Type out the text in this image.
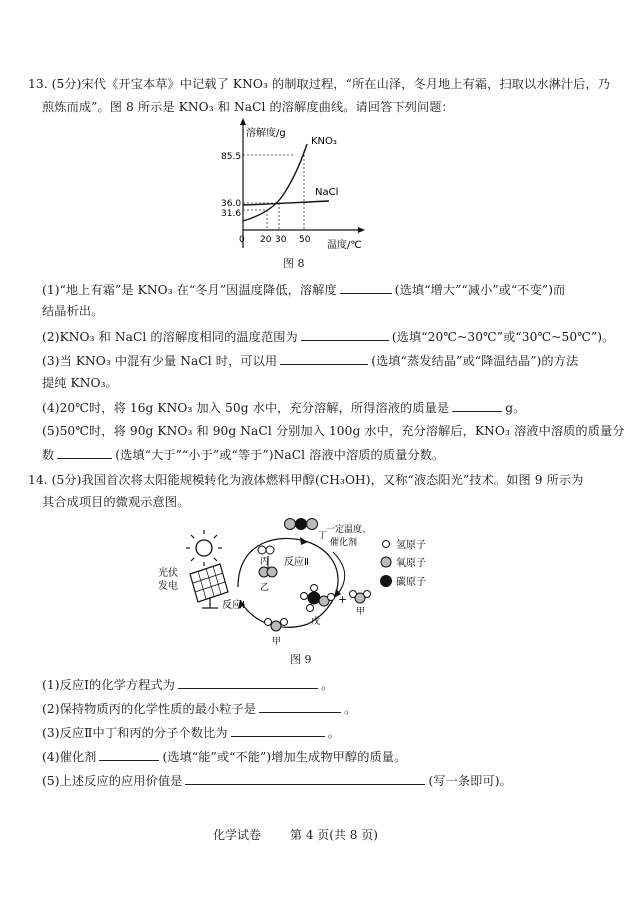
13. (5分)宋代《开宝本草》中记载了 KNO₃ 的制取过程，“所在山泽，冬月地上有霜，扫取以水淋汁后，乃
煎炼而成”。图 8 所示是 KNO₃ 和 NaCl 的溶解度曲线。请回答下列问题：
溶解度/g
温度/℃
KNO₃
NaCl
85.5
36.0
31.6
0 20 30 50
图 8
(1)“地上有霜”是 KNO₃ 在“冬月”因温度降低，溶解度	(选填“增大”“减小”或“不变”)而
结晶析出。
(2)KNO₃ 和 NaCl 的溶解度相同的温度范围为	(选填“20℃~30℃”或“30℃~50℃”)。
(3)当 KNO₃ 中混有少量 NaCl 时，可以用	(选填“蒸发结晶”或“降温结晶”)的方法
提纯 KNO₃。
(4)20℃时，将 16g KNO₃ 加入 50g 水中，充分溶解，所得溶液的质量是	g。
(5)50℃时，将 90g KNO₃ 和 90g NaCl 分别加入 100g 水中，充分溶解后，KNO₃ 溶液中溶质的质量分
数	(选填“大于”“小于”或“等于”)NaCl 溶液中溶质的质量分数。
14. (5分)我国首次将太阳能规模转化为液体燃料甲醇(CH₃OH)，又称“液态阳光”技术。如图 9 所示为
其合成项目的微观示意图。
光伏
发电
丙
乙
丁
一定温度、
催化剂
反应Ⅱ
反应Ⅰ
甲
戊
+
甲
氢原子
氧原子
碳原子
图 9
(1)反应Ⅰ的化学方程式为	。
(2)保持物质丙的化学性质的最小粒子是	。
(3)反应Ⅱ中丁和丙的分子个数比为	。
(4)催化剂	(选填“能”或“不能”)增加生成物甲醇的质量。
(5)上述反应的应用价值是	(写一条即可)。
化学试卷 第 4 页(共 8 页)
